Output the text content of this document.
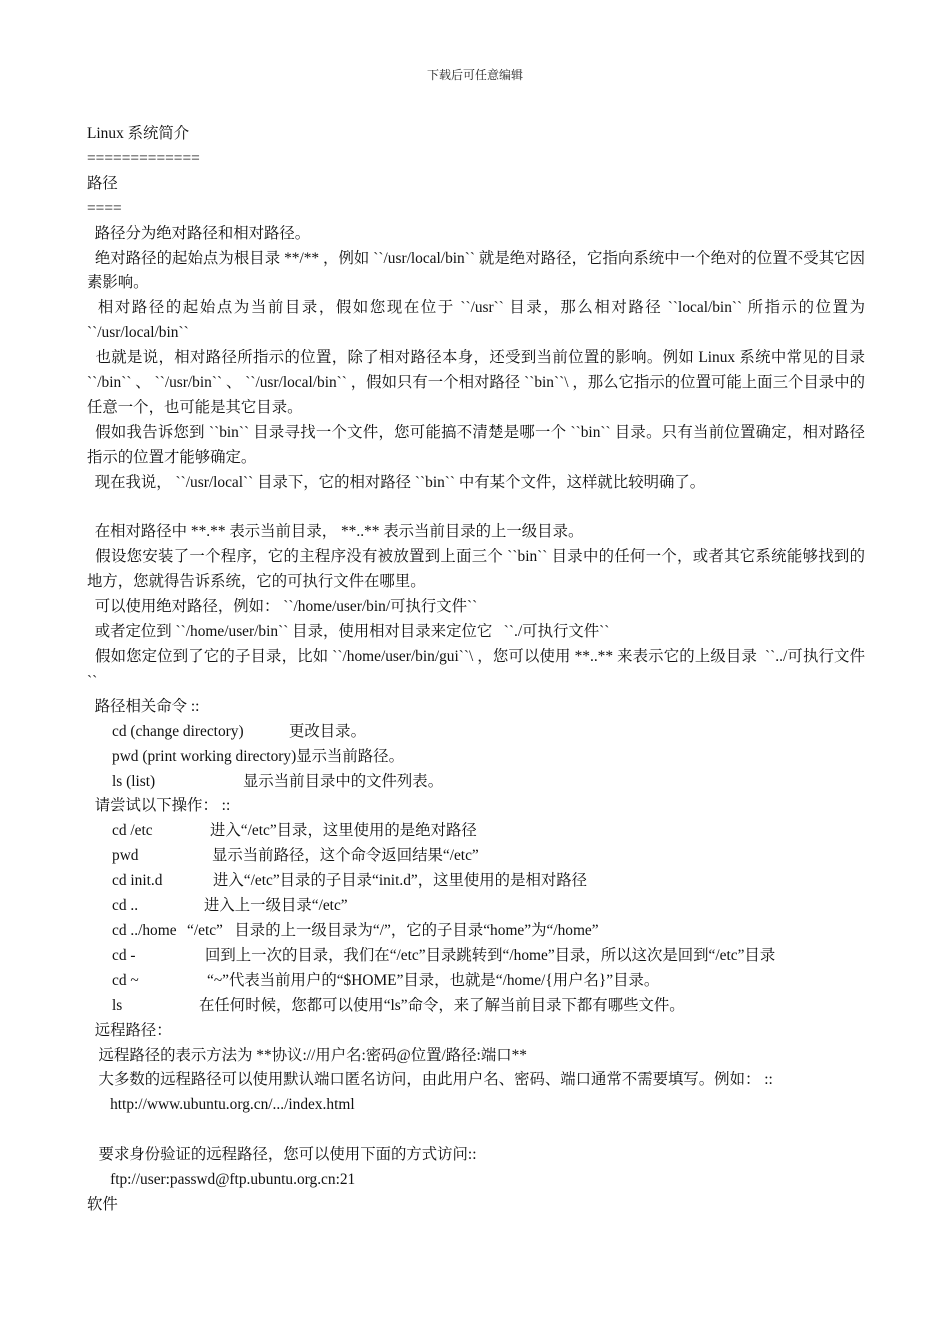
下载后可任意编辑
Linux 系统简介
=============
路径
====
路径分为绝对路径和相对路径。
绝对路径的起始点为根目录 **/** ，例如 ``/usr/local/bin`` 就是绝对路径，它指向系统中一个绝对的位置不受其它因素影响。
相对路径的起始点为当前目录，假如您现在位于 ``/usr`` 目录，那么相对路径 ``local/bin`` 所指示的位置为 ``/usr/local/bin``
也就是说，相对路径所指示的位置，除了相对路径本身，还受到当前位置的影响。例如 Linux 系统中常见的目录 ``/bin`` 、 ``/usr/bin`` 、 ``/usr/local/bin`` ，假如只有一个相对路径 ``bin``\ ，那么它指示的位置可能上面三个目录中的任意一个，也可能是其它目录。
假如我告诉您到 ``bin`` 目录寻找一个文件，您可能搞不清楚是哪一个 ``bin`` 目录。只有当前位置确定，相对路径指示的位置才能够确定。
现在我说， ``/usr/local`` 目录下，它的相对路径 ``bin`` 中有某个文件，这样就比较明确了。
在相对路径中 **.** 表示当前目录， **..** 表示当前目录的上一级目录。
假设您安装了一个程序，它的主程序没有被放置到上面三个 ``bin`` 目录中的任何一个，或者其它系统能够找到的地方，您就得告诉系统，它的可执行文件在哪里。
可以使用绝对路径，例如： ``/home/user/bin/可执行文件``
或者定位到 ``/home/user/bin`` 目录，使用相对目录来定位它   ``./可执行文件``
假如您定位到了它的子目录，比如 ``/home/user/bin/gui``\ ，您可以使用 **..** 来表示它的上级目录  ``../可执行文件``
路径相关命令 ::
cd (change directory)	更改目录。
pwd (print working directory) 显示当前路径。
ls (list)	显示当前目录中的文件列表。
请尝试以下操作： ::
cd /etc	进入“/etc”目录，这里使用的是绝对路径
pwd	显示当前路径，这个命令返回结果“/etc”
cd init.d	进入“/etc”目录的子目录“init.d”，这里使用的是相对路径
cd ..	进入上一级目录“/etc”
cd ../home “/etc”   目录的上一级目录为“/”，它的子目录“home”为“/home”
cd -	回到上一次的目录，我们在“/etc”目录跳转到“/home”目录，所以这次是回到“/etc”目录
cd ~	“~”代表当前用户的“$HOME”目录，也就是“/home/{用户名}”目录。
ls	在任何时候，您都可以使用“ls”命令，来了解当前目录下都有哪些文件。
远程路径：
远程路径的表示方法为 **协议://用户名:密码@位置/路径:端口**
大多数的远程路径可以使用默认端口匿名访问，由此用户名、密码、端口通常不需要填写。例如： ::
http://www.ubuntu.org.cn/.../index.html
要求身份验证的远程路径，您可以使用下面的方式访问::
ftp://user:passwd@ftp.ubuntu.org.cn:21
软件
